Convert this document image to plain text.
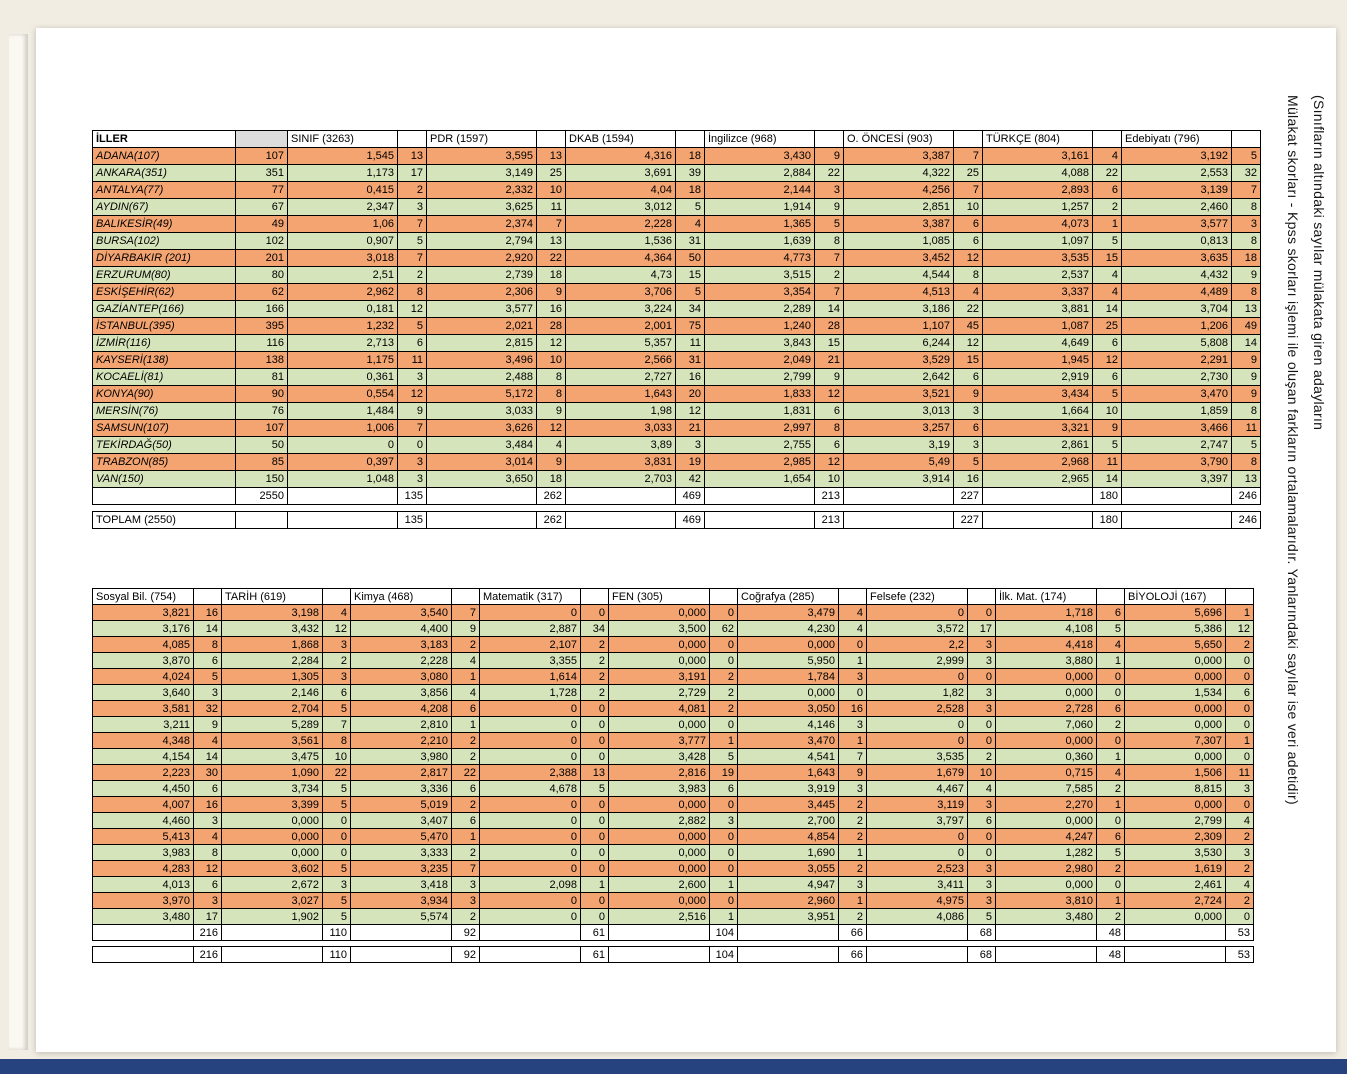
İLLER		SINIF (3263)		PDR (1597)		DKAB (1594)		İngilizce (968)		O. ÖNCESİ (903)		TÜRKÇE (804)		Edebiyatı (796)	
ADANA(107)	107	1,545	13	3,595	13	4,316	18	3,430	9	3,387	7	3,161	4	3,192	5
ANKARA(351)	351	1,173	17	3,149	25	3,691	39	2,884	22	4,322	25	4,088	22	2,553	32
ANTALYA(77)	77	0,415	2	2,332	10	4,04	18	2,144	3	4,256	7	2,893	6	3,139	7
AYDIN(67)	67	2,347	3	3,625	11	3,012	5	1,914	9	2,851	10	1,257	2	2,460	8
BALIKESİR(49)	49	1,06	7	2,374	7	2,228	4	1,365	5	3,387	6	4,073	1	3,577	3
BURSA(102)	102	0,907	5	2,794	13	1,536	31	1,639	8	1,085	6	1,097	5	0,813	8
DİYARBAKIR (201)	201	3,018	7	2,920	22	4,364	50	4,773	7	3,452	12	3,535	15	3,635	18
ERZURUM(80)	80	2,51	2	2,739	18	4,73	15	3,515	2	4,544	8	2,537	4	4,432	9
ESKİŞEHİR(62)	62	2,962	8	2,306	9	3,706	5	3,354	7	4,513	4	3,337	4	4,489	8
GAZİANTEP(166)	166	0,181	12	3,577	16	3,224	34	2,289	14	3,186	22	3,881	14	3,704	13
İSTANBUL(395)	395	1,232	5	2,021	28	2,001	75	1,240	28	1,107	45	1,087	25	1,206	49
İZMİR(116)	116	2,713	6	2,815	12	5,357	11	3,843	15	6,244	12	4,649	6	5,808	14
KAYSERİ(138)	138	1,175	11	3,496	10	2,566	31	2,049	21	3,529	15	1,945	12	2,291	9
KOCAELİ(81)	81	0,361	3	2,488	8	2,727	16	2,799	9	2,642	6	2,919	6	2,730	9
KONYA(90)	90	0,554	12	5,172	8	1,643	20	1,833	12	3,521	9	3,434	5	3,470	9
MERSİN(76)	76	1,484	9	3,033	9	1,98	12	1,831	6	3,013	3	1,664	10	1,859	8
SAMSUN(107)	107	1,006	7	3,626	12	3,033	21	2,997	8	3,257	6	3,321	9	3,466	11
TEKİRDAĞ(50)	50	0	0	3,484	4	3,89	3	2,755	6	3,19	3	2,861	5	2,747	5
TRABZON(85)	85	0,397	3	3,014	9	3,831	19	2,985	12	5,49	5	2,968	11	3,790	8
VAN(150)	150	1,048	3	3,650	18	2,703	42	1,654	10	3,914	16	2,965	14	3,397	13
	2550		135		262		469		213		227		180		246
TOPLAM (2550)			135		262		469		213		227		180		246
Sosyal Bil. (754)		TARİH (619)		Kimya (468)		Matematik (317)		FEN (305)		Coğrafya (285)		Felsefe (232)		İlk. Mat. (174)		BİYOLOJİ (167)	
3,821	16	3,198	4	3,540	7	0	0	0,000	0	3,479	4	0	0	1,718	6	5,696	1
3,176	14	3,432	12	4,400	9	2,887	34	3,500	62	4,230	4	3,572	17	4,108	5	5,386	12
4,085	8	1,868	3	3,183	2	2,107	2	0,000	0	0,000	0	2,2	3	4,418	4	5,650	2
3,870	6	2,284	2	2,228	4	3,355	2	0,000	0	5,950	1	2,999	3	3,880	1	0,000	0
4,024	5	1,305	3	3,080	1	1,614	2	3,191	2	1,784	3	0	0	0,000	0	0,000	0
3,640	3	2,146	6	3,856	4	1,728	2	2,729	2	0,000	0	1,82	3	0,000	0	1,534	6
3,581	32	2,704	5	4,208	6	0	0	4,081	2	3,050	16	2,528	3	2,728	6	0,000	0
3,211	9	5,289	7	2,810	1	0	0	0,000	0	4,146	3	0	0	7,060	2	0,000	0
4,348	4	3,561	8	2,210	2	0	0	3,777	1	3,470	1	0	0	0,000	0	7,307	1
4,154	14	3,475	10	3,980	2	0	0	3,428	5	4,541	7	3,535	2	0,360	1	0,000	0
2,223	30	1,090	22	2,817	22	2,388	13	2,816	19	1,643	9	1,679	10	0,715	4	1,506	11
4,450	6	3,734	5	3,336	6	4,678	5	3,983	6	3,919	3	4,467	4	7,585	2	8,815	3
4,007	16	3,399	5	5,019	2	0	0	0,000	0	3,445	2	3,119	3	2,270	1	0,000	0
4,460	3	0,000	0	3,407	6	0	0	2,882	3	2,700	2	3,797	6	0,000	0	2,799	4
5,413	4	0,000	0	5,470	1	0	0	0,000	0	4,854	2	0	0	4,247	6	2,309	2
3,983	8	0,000	0	3,333	2	0	0	0,000	0	1,690	1	0	0	1,282	5	3,530	3
4,283	12	3,602	5	3,235	7	0	0	0,000	0	3,055	2	2,523	3	2,980	2	1,619	2
4,013	6	2,672	3	3,418	3	2,098	1	2,600	1	4,947	3	3,411	3	0,000	0	2,461	4
3,970	3	3,027	5	3,934	3	0	0	0,000	0	2,960	1	4,975	3	3,810	1	2,724	2
3,480	17	1,902	5	5,574	2	0	0	2,516	1	3,951	2	4,086	5	3,480	2	0,000	0
	216		110		92		61		104		66		68		48		53
	216		110		92		61		104		66		68		48		53
(Sınıfların altındaki sayılar mülakata giren adayların
Mülakat skorları - Kpss skorları işlemi ile oluşan farkların ortalamalarıdır. Yanlarındaki sayılar ise veri adetidir)
